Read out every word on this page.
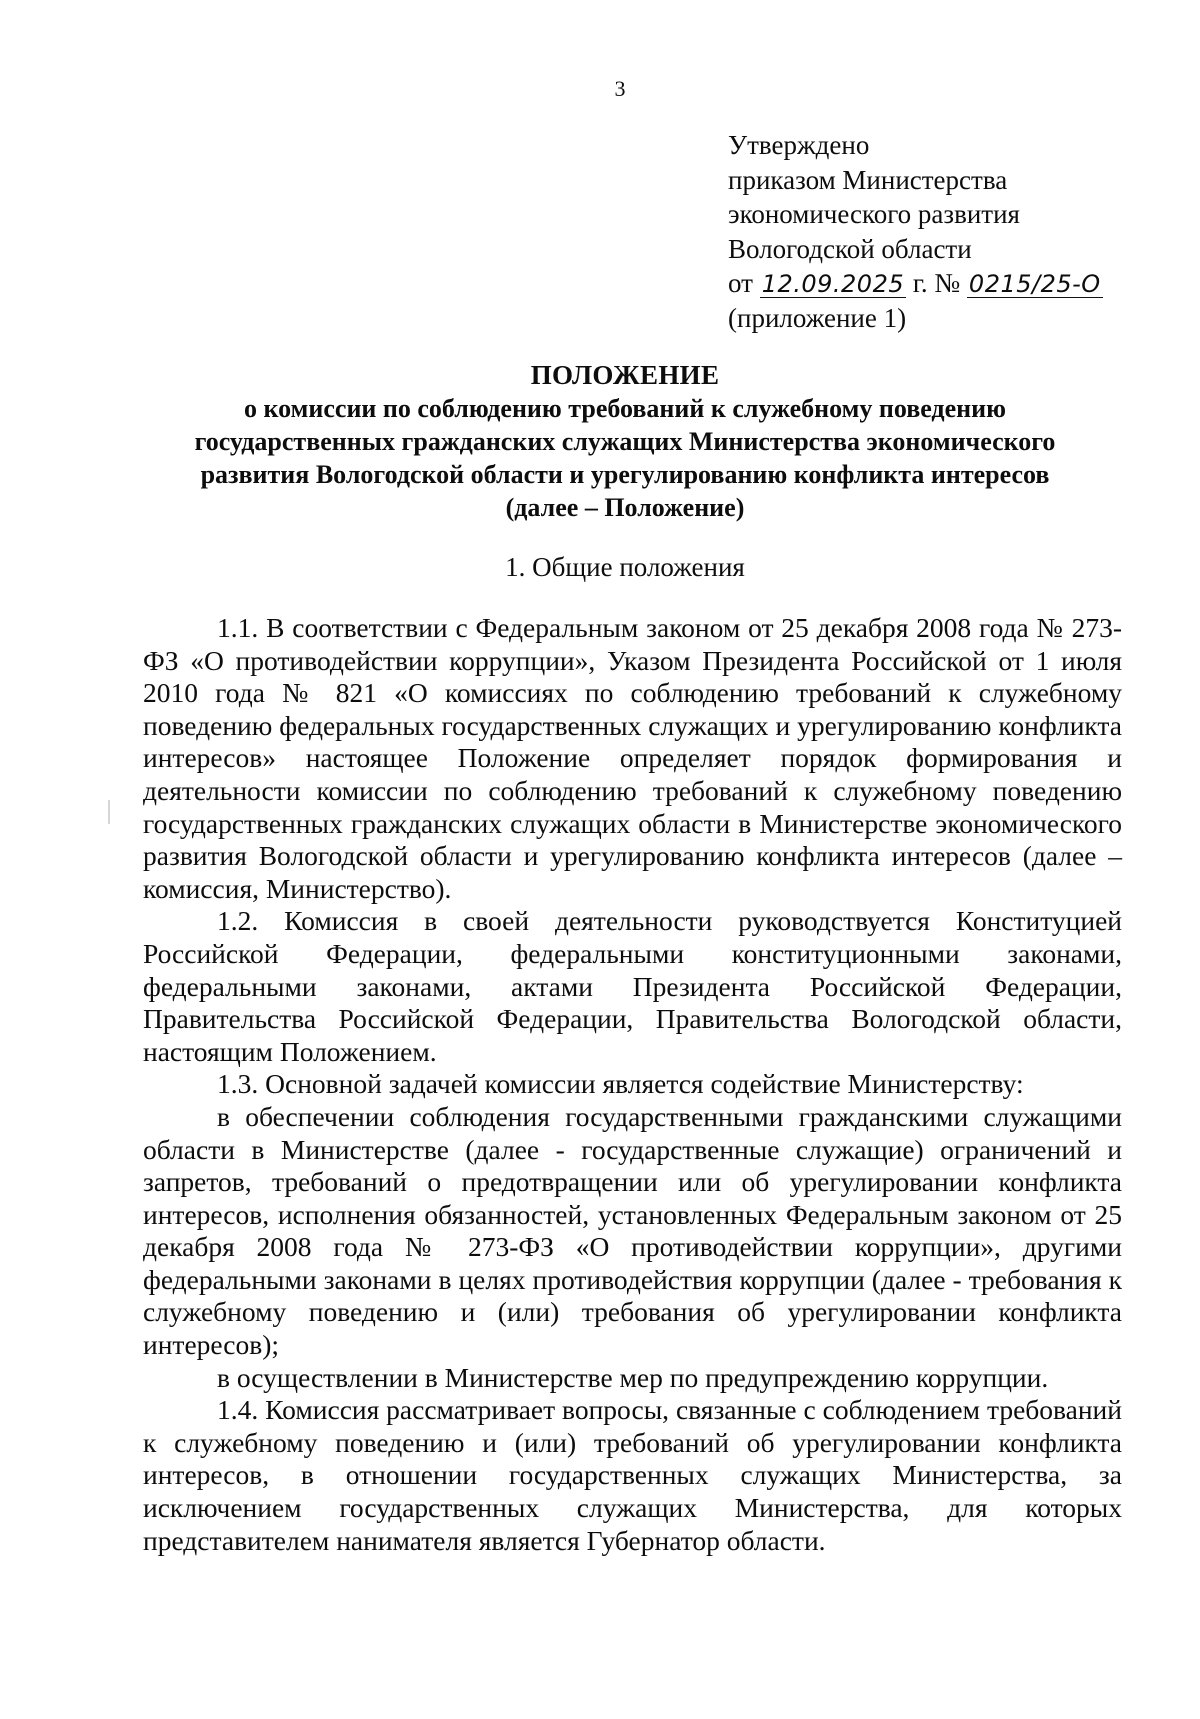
3
Утверждено
приказом Министерства
экономического развития
Вологодской области
от 12.09.2025 г. № 0215/25-О
(приложение 1)
ПОЛОЖЕНИЕ
о комиссии по соблюдению требований к служебному поведению
государственных гражданских служащих Министерства экономического
развития Вологодской области и урегулированию конфликта интересов
(далее – Положение)
1. Общие положения

1.1. В соответствии с Федеральным законом от 25 декабря 2008 года № 273-ФЗ «О противодействии коррупции», Указом Президента Российской от 1 июля 2010 года № 821 «О комиссиях по соблюдению требований к служебному поведению федеральных государственных служащих и урегулированию конфликта интересов» настоящее Положение определяет порядок формирования и деятельности комиссии по соблюдению требований к служебному поведению государственных гражданских служащих области в Министерстве экономического развития Вологодской области и урегулированию конфликта интересов (далее – комиссия, Министерство).

1.2. Комиссия в своей деятельности руководствуется Конституцией Российской Федерации, федеральными конституционными законами, федеральными законами, актами Президента Российской Федерации, Правительства Российской Федерации, Правительства Вологодской области, настоящим Положением.

1.3. Основной задачей комиссии является содействие Министерству:

в обеспечении соблюдения государственными гражданскими служащими области в Министерстве (далее - государственные служащие) ограничений и запретов, требований о предотвращении или об урегулировании конфликта интересов, исполнения обязанностей, установленных Федеральным законом от 25 декабря 2008 года № 273-ФЗ «О противодействии коррупции», другими федеральными законами в целях противодействия коррупции (далее - требования к служебному поведению и (или) требования об урегулировании конфликта интересов);

в осуществлении в Министерстве мер по предупреждению коррупции.

1.4. Комиссия рассматривает вопросы, связанные с соблюдением требований к служебному поведению и (или) требований об урегулировании конфликта интересов, в отношении государственных служащих Министерства, за исключением государственных служащих Министерства, для которых представителем нанимателя является Губернатор области.
